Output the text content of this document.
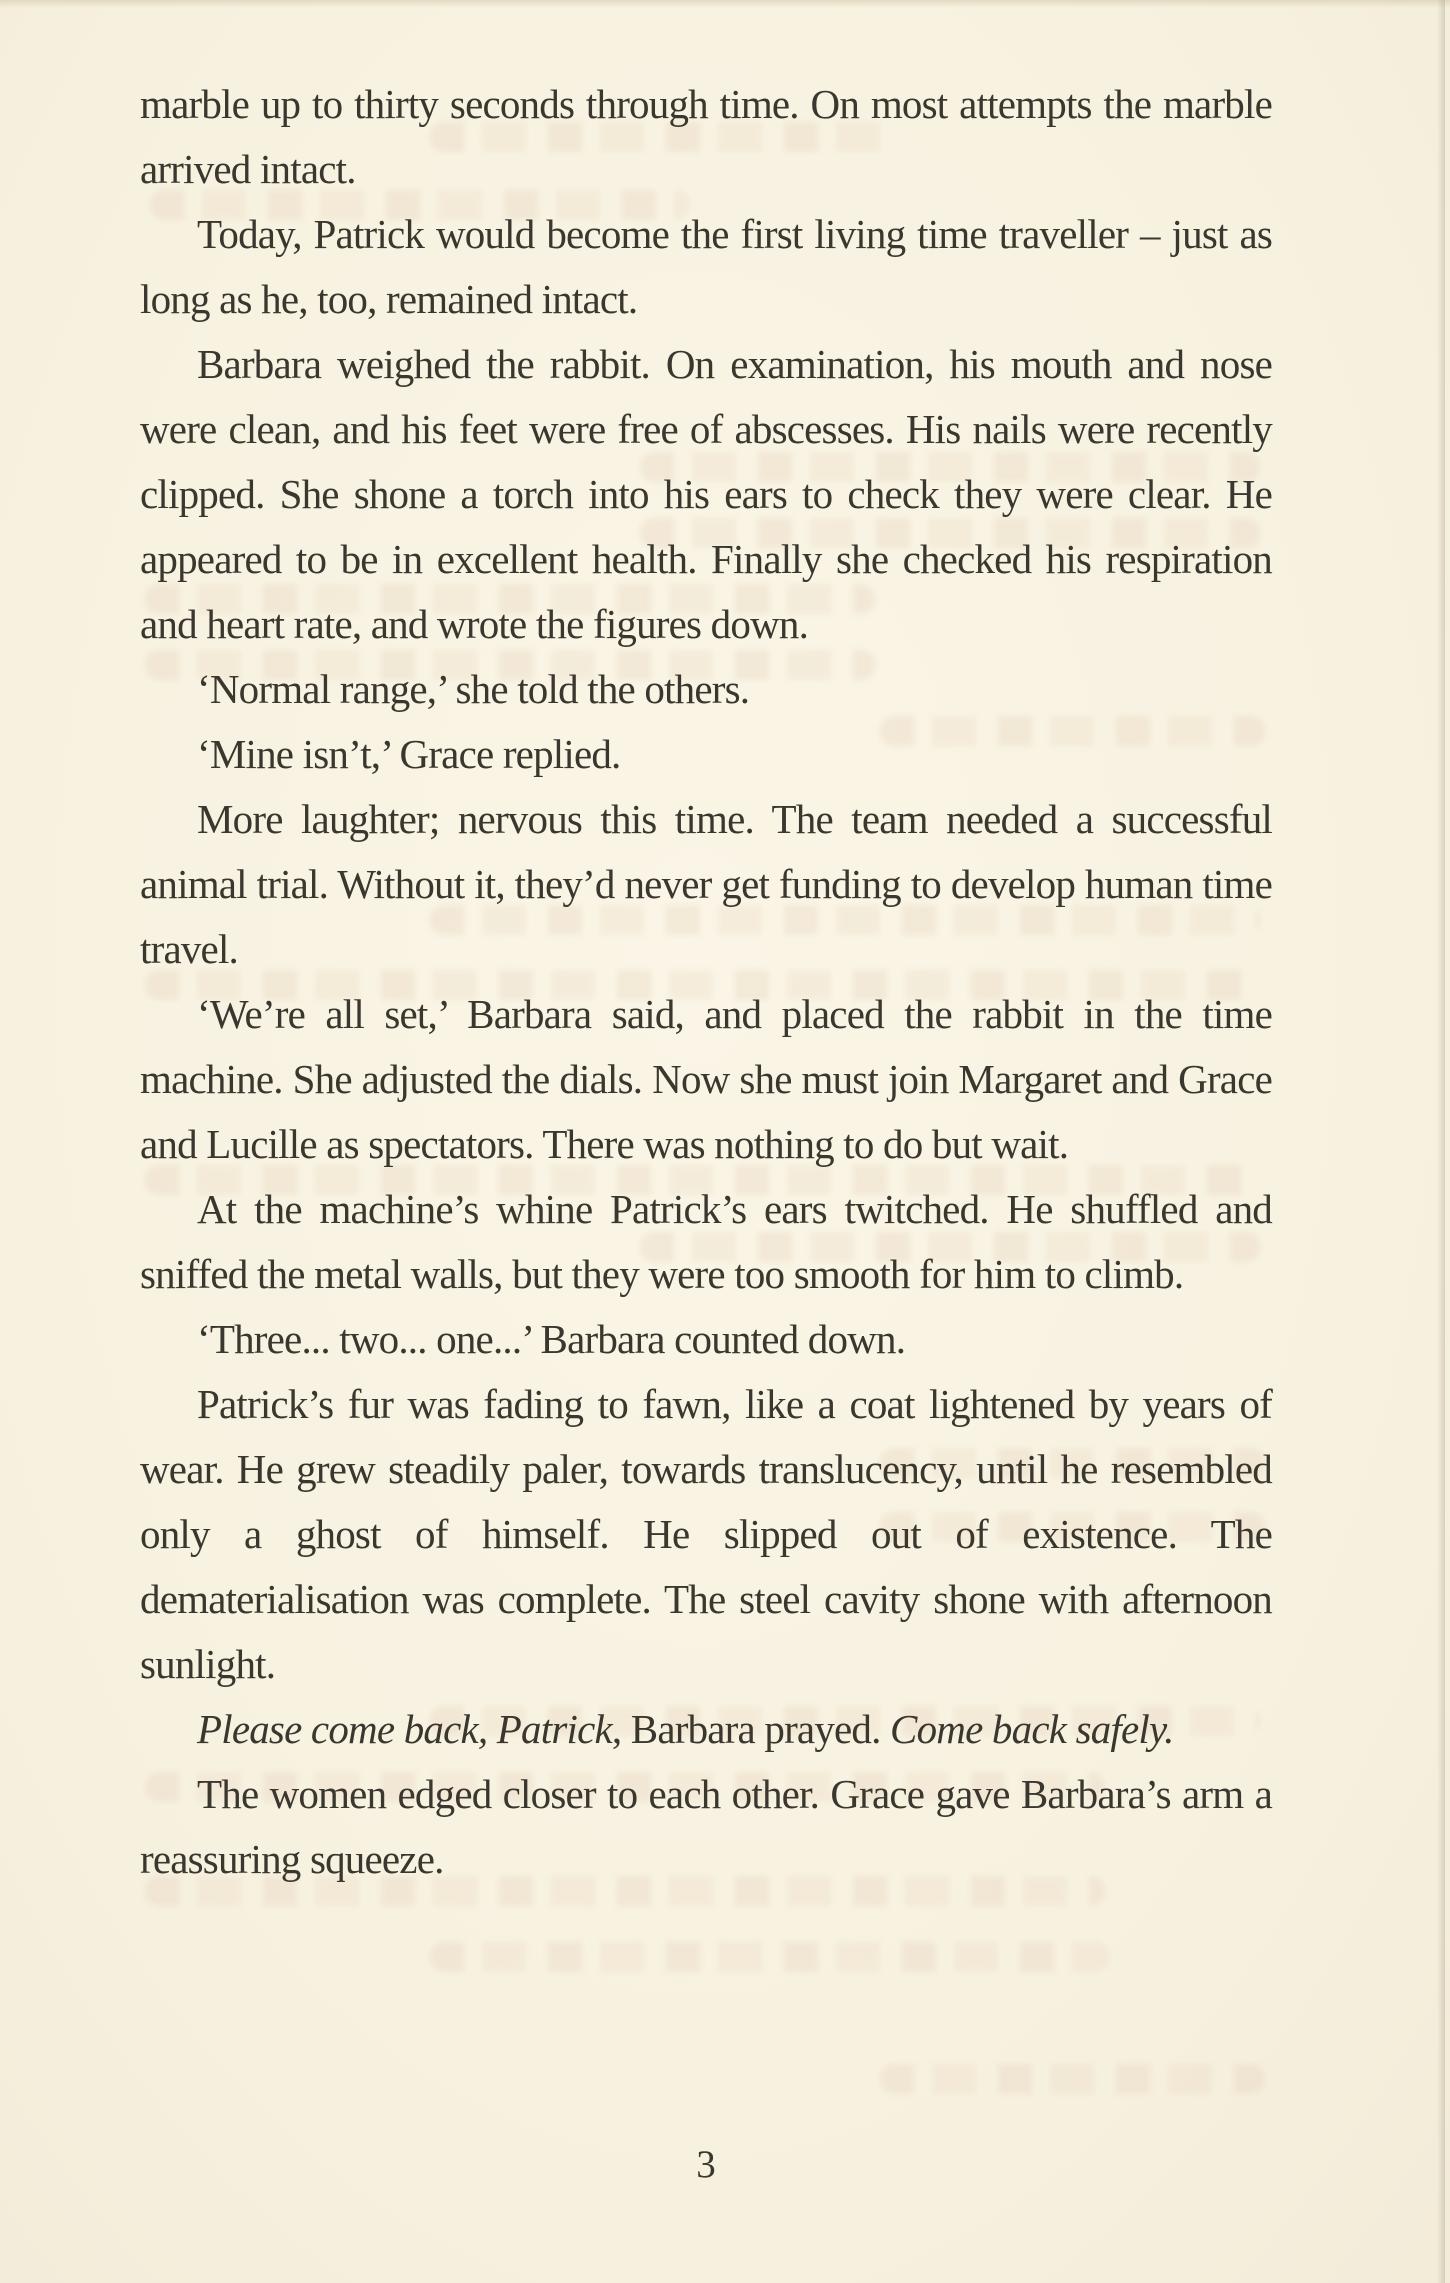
marble up to thirty seconds through time. On most attempts the marble arrived intact.

Today, Patrick would become the first living time traveller – just as long as he, too, remained intact.

Barbara weighed the rabbit. On examination, his mouth and nose were clean, and his feet were free of abscesses. His nails were recently clipped. She shone a torch into his ears to check they were clear. He appeared to be in excellent health. Finally she checked his respiration and heart rate, and wrote the figures down.

‘Normal range,’ she told the others.

‘Mine isn’t,’ Grace replied.

More laughter; nervous this time. The team needed a successful animal trial. Without it, they’d never get funding to develop human time travel.

‘We’re all set,’ Barbara said, and placed the rabbit in the time machine. She adjusted the dials. Now she must join Margaret and Grace and Lucille as spectators. There was nothing to do but wait.

At the machine’s whine Patrick’s ears twitched. He shuffled and sniffed the metal walls, but they were too smooth for him to climb.

‘Three... two... one...’ Barbara counted down.

Patrick’s fur was fading to fawn, like a coat lightened by years of wear. He grew steadily paler, towards translucency, until he resembled only a ghost of himself. He slipped out of existence. The dematerialisation was complete. The steel cavity shone with afternoon sunlight.

Please come back, Patrick, Barbara prayed. Come back safely.

The women edged closer to each other. Grace gave Barbara’s arm a reassuring squeeze.

3
